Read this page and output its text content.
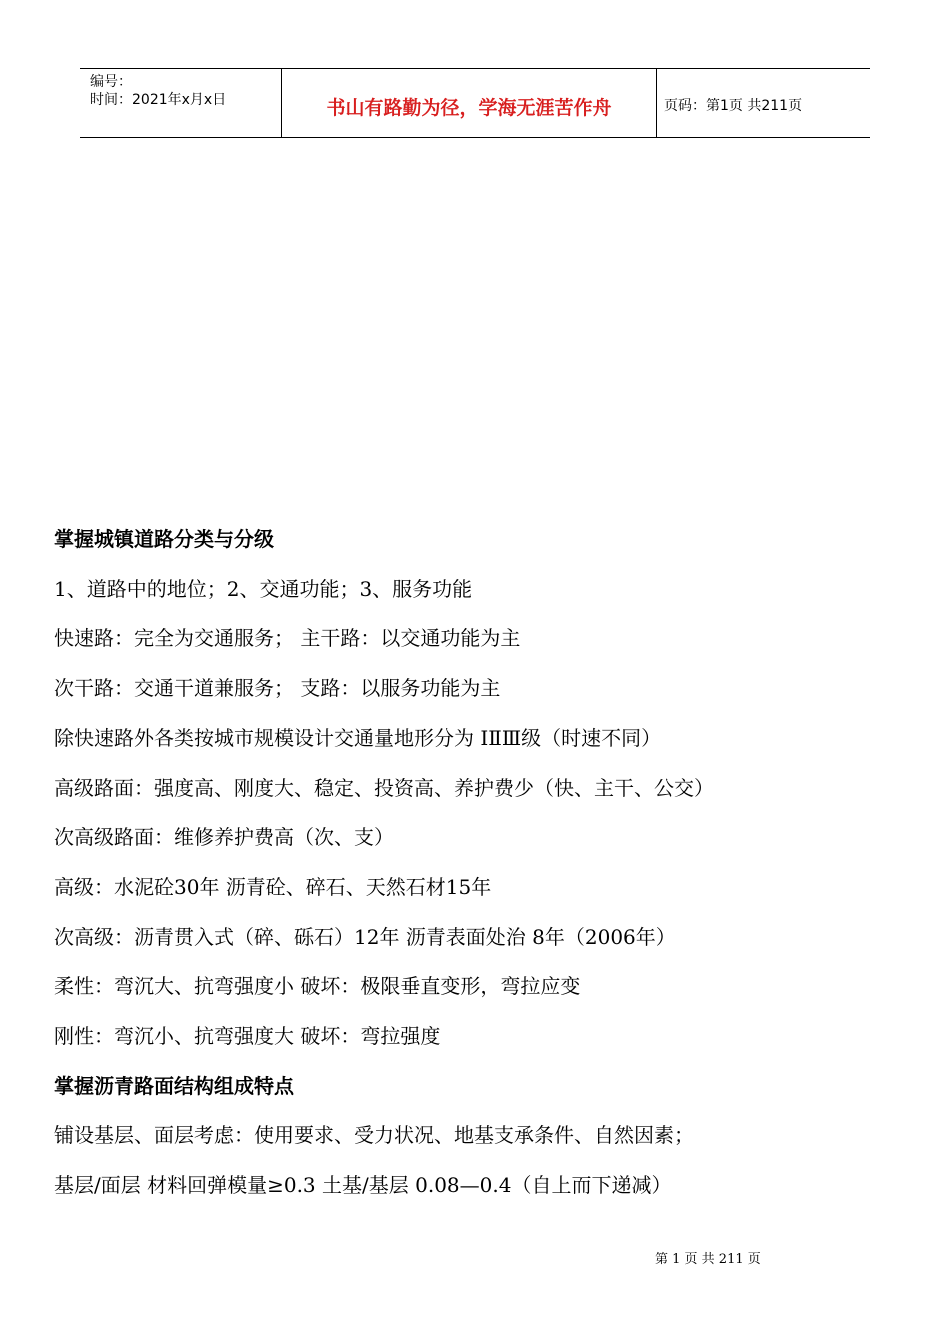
编号：
时间：2021年x月x日	书山有路勤为径，学海无涯苦作舟	页码：第1页 共211页
掌握城镇道路分类与分级
1、道路中的地位；2、交通功能；3、服务功能
快速路：完全为交通服务； 主干路：以交通功能为主
次干路：交通干道兼服务； 支路：以服务功能为主
除快速路外各类按城市规模设计交通量地形分为 ⅠⅡⅢ级（时速不同）
高级路面：强度高、刚度大、稳定、投资高、养护费少（快、主干、公交）
次高级路面：维修养护费高（次、支）
高级：水泥砼30年 沥青砼、碎石、天然石材15年
次高级：沥青贯入式（碎、砾石）12年 沥青表面处治 8年（2006年）
柔性：弯沉大、抗弯强度小 破坏：极限垂直变形，弯拉应变
刚性：弯沉小、抗弯强度大 破坏：弯拉强度
掌握沥青路面结构组成特点
铺设基层、面层考虑：使用要求、受力状况、地基支承条件、自然因素；
基层/面层 材料回弹模量≥0.3 土基/基层 0.08—0.4（自上而下递减）
第 1 页 共 211 页
